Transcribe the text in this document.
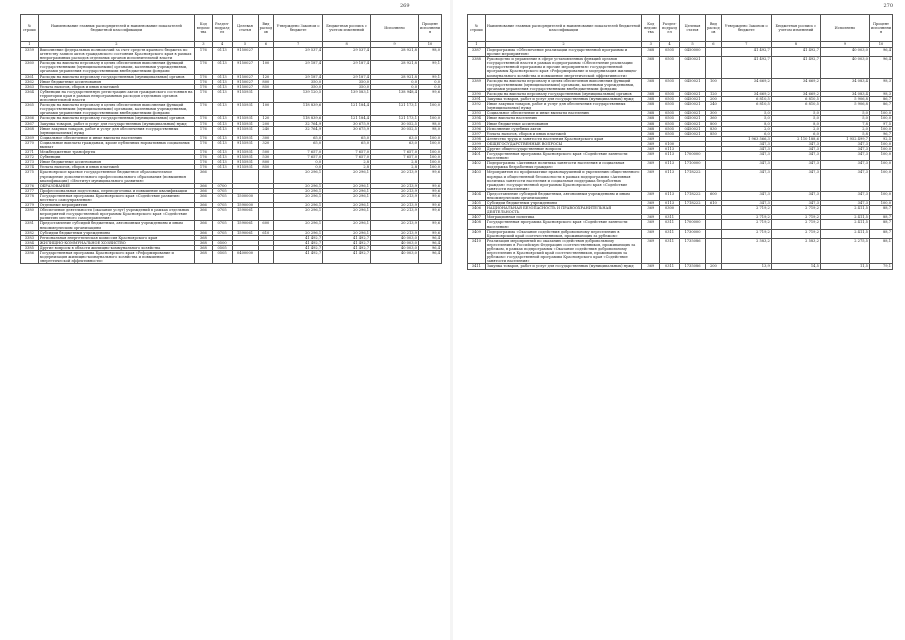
269
№ строки	Наименование главных распорядителей и наименование показателей бюджетной классификации	Код ведомства	Раздел-подраздел	Целевая статья	Вид расходов	Утверждено Законом о бюджете	Бюджетная роспись с учетом изменений	Исполнено	Процент исполнения
1	2	3	4	5	6	7	8	9	10
3359	Выполнение федеральных полномочий за счет средств краевого бюджета по агентству записи актов гражданского состояния Красноярского края в рамках непрограммных расходов отдельных органов исполнительной власти	176	0113	9150027		29 537,4	29 537,4	28 921,8	98,0
3360	Расходы на выплаты персоналу в целях обеспечения выполнения функций государственными (муниципальными) органами, казенными учреждениями, органами управления государственными внебюджетными фондами	176	0113	9150027	100	29 187,4	29 187,4	28 921,8	99,1
3361	Расходы на выплаты персоналу государственных (муниципальных) органов	176	0113	9150027	120	29 187,4	29 187,4	28 921,8	99,1
3362	Иные бюджетные ассигнования	176	0113	9150027	800	350,0	350,0	0,0	0,0
3363	Уплата налогов, сборов и иных платежей	176	0113	9150027	850	350,0	350,0	0,0	0,0
3364	Субвенции на государственную регистрацию актов гражданского состояния на территории края в рамках непрограммных расходов отдельных органов исполнительной власти	176	0113	9155931		139 120,5	139 583,1	138 948,4	99,6
3365	Расходы на выплаты персоналу в целях обеспечения выполнения функций государственными (муниципальными) органами, казенными учреждениями, органами управления государственными внебюджетными фондами	176	0113	9155931	100	118 839,6	121 184,4	121 173,1	100,0
3366	Расходы на выплаты персоналу государственных (муниципальных) органов	176	0113	9155931	120	118 839,6	121 184,4	121 173,1	100,0
3367	Закупка товаров, работ и услуг для государственных (муниципальных) нужд	176	0113	9155931	200	32 764,9	30 675,9	30 052,5	98,0
3368	Иные закупки товаров, работ и услуг для обеспечения государственных (муниципальных) нужд	176	0113	9155931	240	32 764,9	30 675,9	30 052,5	98,0
3369	Социальное обеспечение и иные выплаты населению	176	0113	9155931	300	65,0	65,0	63,0	100,0
3370	Социальные выплаты гражданам, кроме публичных нормативных социальных выплат	176	0113	9155931	320	65,0	65,0	63,0	100,0
3371	Межбюджетные трансферты	176	0113	9155931	500	7 657,0	7 657,0	7 657,0	100,0
3372	Субвенции	176	0113	9155931	530	7 657,0	7 657,0	7 657,0	100,0
3373	Иные бюджетные ассигнования	176	0113	9155931	800	0,0	2,8	2,8	100,0
3374	Уплата налогов, сборов и иных платежей	176	0113	9155931	850	0,0	2,8	2,8	100,0
3375	Красноярское краевое государственное бюджетное образовательное учреждение дополнительного профессионального образования (повышения квалификации) «Институт муниципального развития»	366				20 296,1	20 296,1	20 213,9	99,6
3376	ОБРАЗОВАНИЕ	366	0700			20 296,1	20 296,1	20 213,9	99,6
3377	Профессиональная подготовка, переподготовка и повышение квалификации	366	0705			20 296,1	20 296,1	20 213,9	99,6
3378	Государственная программа Красноярского края «Содействие развитию местного самоуправления»	366	0705	1500000		20 296,1	20 296,1	20 213,9	99,6
3379	Отдельные мероприятия	366	0705	1590000		20 296,1	20 296,1	20 213,9	99,6
3380	Обеспечение деятельности (оказание услуг) учреждений в рамках отдельных мероприятий государственной программы Красноярского края «Содействие развитию местного самоуправления»	366	0705	1590061		20 296,1	20 296,1	20 213,9	99,6
3381	Предоставление субсидий бюджетным, автономным учреждениям и иным некоммерческим организациям	366	0705	1590061	600	20 296,1	20 296,1	20 213,9	99,6
3382	Субсидии бюджетным учреждениям	366	0705	1590061	610	20 296,1	20 296,1	20 213,9	99,6
3383	Региональная энергетическая комиссия Красноярского края	368				41 492,7	41 492,7	40 003,0	96,4
3384	ЖИЛИЩНО-КОММУНАЛЬНОЕ ХОЗЯЙСТВО	368	0500			41 492,7	41 492,7	40 003,0	96,4
3385	Другие вопросы в области жилищно-коммунального хозяйства	368	0505			41 492,7	41 492,7	40 003,0	96,4
3386	Государственная программа Красноярского края «Реформирование и модернизация жилищно-коммунального хозяйства и повышение энергетической эффективности»	368	0505	0400000		41 492,7	41 492,7	40 003,0	96,4
270
№ строки	Наименование главных распорядителей и наименование показателей бюджетной классификации	Код ведомства	Раздел-подраздел	Целевая статья	Вид расходов	Утверждено Законом о бюджете	Бюджетная роспись с учетом изменений	Исполнено	Процент исполнения
1	2	3	4	5	6	7	8	9	10
3387	Подпрограмма «Обеспечение реализации государственной программы и прочие мероприятия»	368	0505	0450000		41 492,7	41 492,7	40 003,0	96,4
3388	Руководство и управление в сфере установленных функций органов государственной власти в рамках подпрограммы «Обеспечение реализации государственной программы и прочие мероприятия» государственной программы Красноярского края «Реформирование и модернизация жилищно-коммунального хозяйства и повышение энергетической эффективности»	368	0505	0450021		41 492,7	41 492,7	40 003,0	96,4
3389	Расходы на выплаты персоналу в целях обеспечения выполнения функций государственными (муниципальными) органами, казенными учреждениями, органами управления государственными внебюджетными фондами	368	0505	0450021	100	34 669,2	34 669,2	34 083,4	98,3
3390	Расходы на выплаты персоналу государственных (муниципальных) органов	368	0505	0450021	120	34 669,2	34 669,2	34 083,4	98,3
3391	Закупка товаров, работ и услуг для государственных (муниципальных) нужд	368	0505	0450021	200	6 810,5	6 810,5	5 906,8	86,7
3392	Иные закупки товаров, работ и услуг для обеспечения государственных (муниципальных) нужд	368	0505	0450021	240	6 810,5	6 810,5	5 906,8	86,7
3393	Социальное обеспечение и иные выплаты населению	368	0505	0450021	300	5,0	5,0	5,0	100,0
3394	Иные выплаты населению	368	0505	0450021	360	5,0	5,0	5,0	100,0
3395	Иные бюджетные ассигнования	368	0505	0450021	800	8,0	8,0	7,8	97,5
3396	Исполнение судебных актов	368	0505	0450021	830	2,0	2,0	2,0	100,0
3397	Уплата налогов, сборов и иных платежей	368	0505	0450021	850	6,0	6,0	5,8	96,7
3398	Агентство труда и занятости населения Красноярского края	369				1 963 566,3	2 110 188,6	1 952 499,7	92,5
3399	ОБЩЕГОСУДАРСТВЕННЫЕ ВОПРОСЫ	369	0100			347,3	347,3	347,3	100,0
3400	Другие общегосударственные вопросы	369	0113			347,3	347,3	347,3	100,0
3401	Государственная программа Красноярского края «Содействие занятости населения»	369	0113	1700000		347,3	347,3	347,3	100,0
3402	Подпрограмма «Активная политика занятости населения и социальная поддержка безработных граждан»	369	0113	1710000		347,3	347,3	347,3	100,0
3403	Мероприятия по профилактике правонарушений и укреплению общественного порядка и общественной безопасности в рамках подпрограммы «Активная политика занятости населения и социальная поддержка безработных граждан» государственной программы Красноярского края «Содействие занятости населения»	369	0113	1718222		347,3	347,3	347,3	100,0
3404	Предоставление субсидий бюджетным, автономным учреждениям и иным некоммерческим организациям	369	0113	1718222	600	347,3	347,3	347,3	100,0
3405	Субсидии бюджетным учреждениям	369	0113	1718222	610	347,3	347,3	347,3	100,0
3406	НАЦИОНАЛЬНАЯ БЕЗОПАСНОСТЬ И ПРАВООХРАНИТЕЛЬНАЯ ДЕЯТЕЛЬНОСТЬ	369	0300			2 719,2	2 719,2	2 411,5	88,7
3407	Миграционная политика	369	0311			2 719,2	2 719,2	2 411,5	88,7
3408	Государственная программа Красноярского края «Содействие занятости населения»	369	0311	1700000		2 719,2	2 719,2	2 411,5	88,7
3409	Подпрограмма «Оказание содействия добровольному переселению в Красноярский край соотечественников, проживающих за рубежом»	369	0311	1730000		2 719,2	2 719,2	2 411,5	88,7
3410	Реализация мероприятий по оказанию содействия добровольному переселению в Российскую Федерацию соотечественников, проживающих за рубежом, в рамках подпрограммы «Оказание содействия добровольному переселению в Красноярский край соотечественников, проживающих за рубежом» государственной программы Красноярского края «Содействие занятости населения»	369	0311	1735086		2 583,2	2 583,2	2 275,5	88,1
3411	Закупка товаров, работ и услуг для государственных (муниципальных) нужд	369	0311	1735086	200	13,9	14,5	11,5	79,1
